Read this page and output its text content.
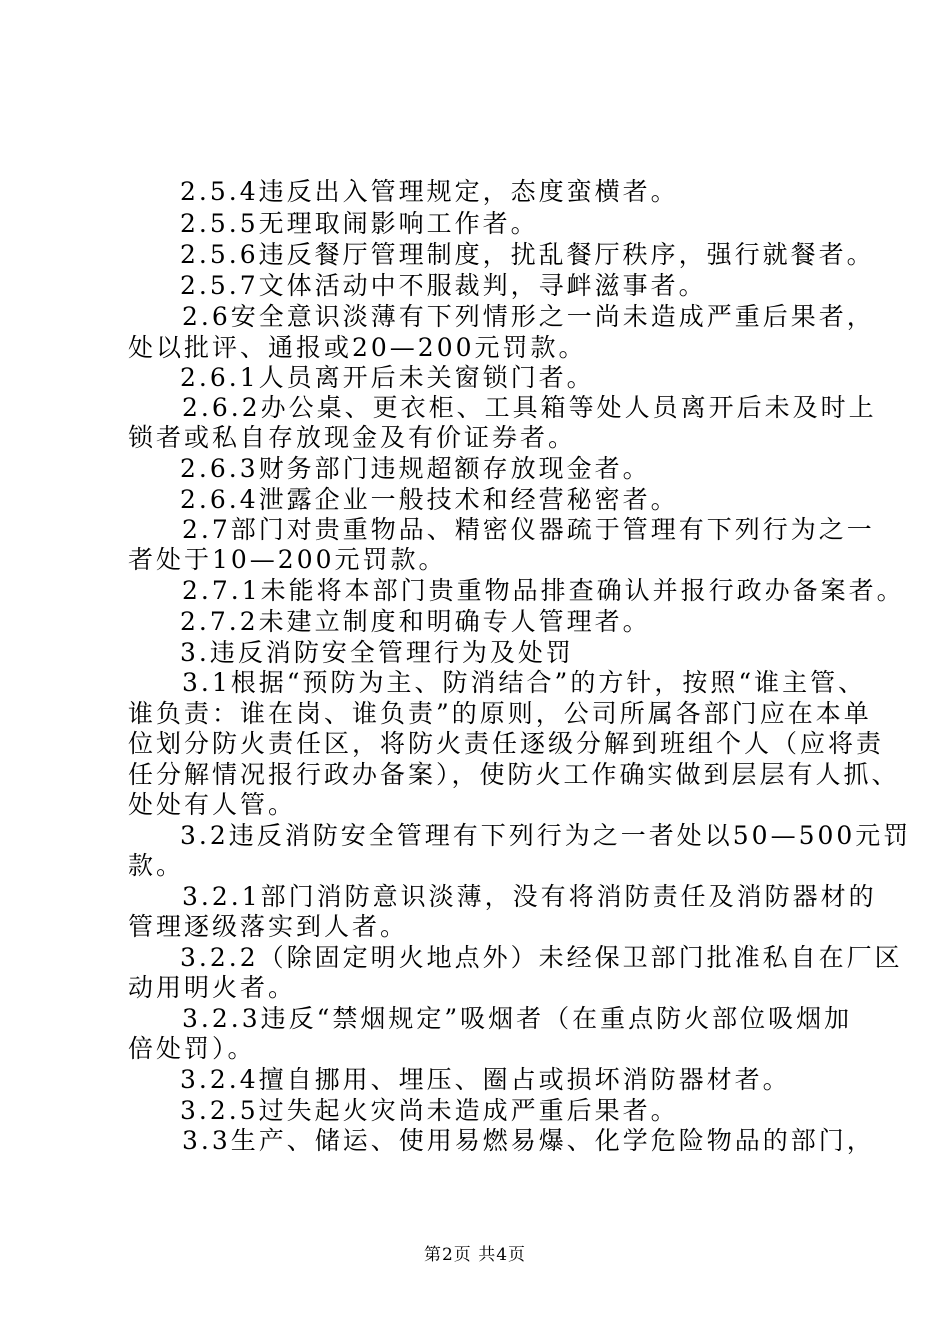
2.5.4违反出入管理规定，态度蛮横者。
2.5.5无理取闹影响工作者。
2.5.6违反餐厅管理制度，扰乱餐厅秩序，强行就餐者。
2.5.7文体活动中不服裁判，寻衅滋事者。
2.6安全意识淡薄有下列情形之一尚未造成严重后果者，
处以批评、通报或20—200元罚款。
2.6.1人员离开后未关窗锁门者。
2.6.2办公桌、更衣柜、工具箱等处人员离开后未及时上
锁者或私自存放现金及有价证券者。
2.6.3财务部门违规超额存放现金者。
2.6.4泄露企业一般技术和经营秘密者。
2.7部门对贵重物品、精密仪器疏于管理有下列行为之一
者处于10—200元罚款。
2.7.1未能将本部门贵重物品排查确认并报行政办备案者。
2.7.2未建立制度和明确专人管理者。
3.违反消防安全管理行为及处罚
3.1根据“预防为主、防消结合”的方针，按照“谁主管、
谁负责：谁在岗、谁负责”的原则，公司所属各部门应在本单
位划分防火责任区，将防火责任逐级分解到班组个人（应将责
任分解情况报行政办备案），使防火工作确实做到层层有人抓、
处处有人管。
3.2违反消防安全管理有下列行为之一者处以50—500元罚
款。
3.2.1部门消防意识淡薄，没有将消防责任及消防器材的
管理逐级落实到人者。
3.2.2（除固定明火地点外）未经保卫部门批准私自在厂区
动用明火者。
3.2.3违反“禁烟规定”吸烟者（在重点防火部位吸烟加
倍处罚）。
3.2.4擅自挪用、埋压、圈占或损坏消防器材者。
3.2.5过失起火灾尚未造成严重后果者。
3.3生产、储运、使用易燃易爆、化学危险物品的部门，
第2页 共4页
